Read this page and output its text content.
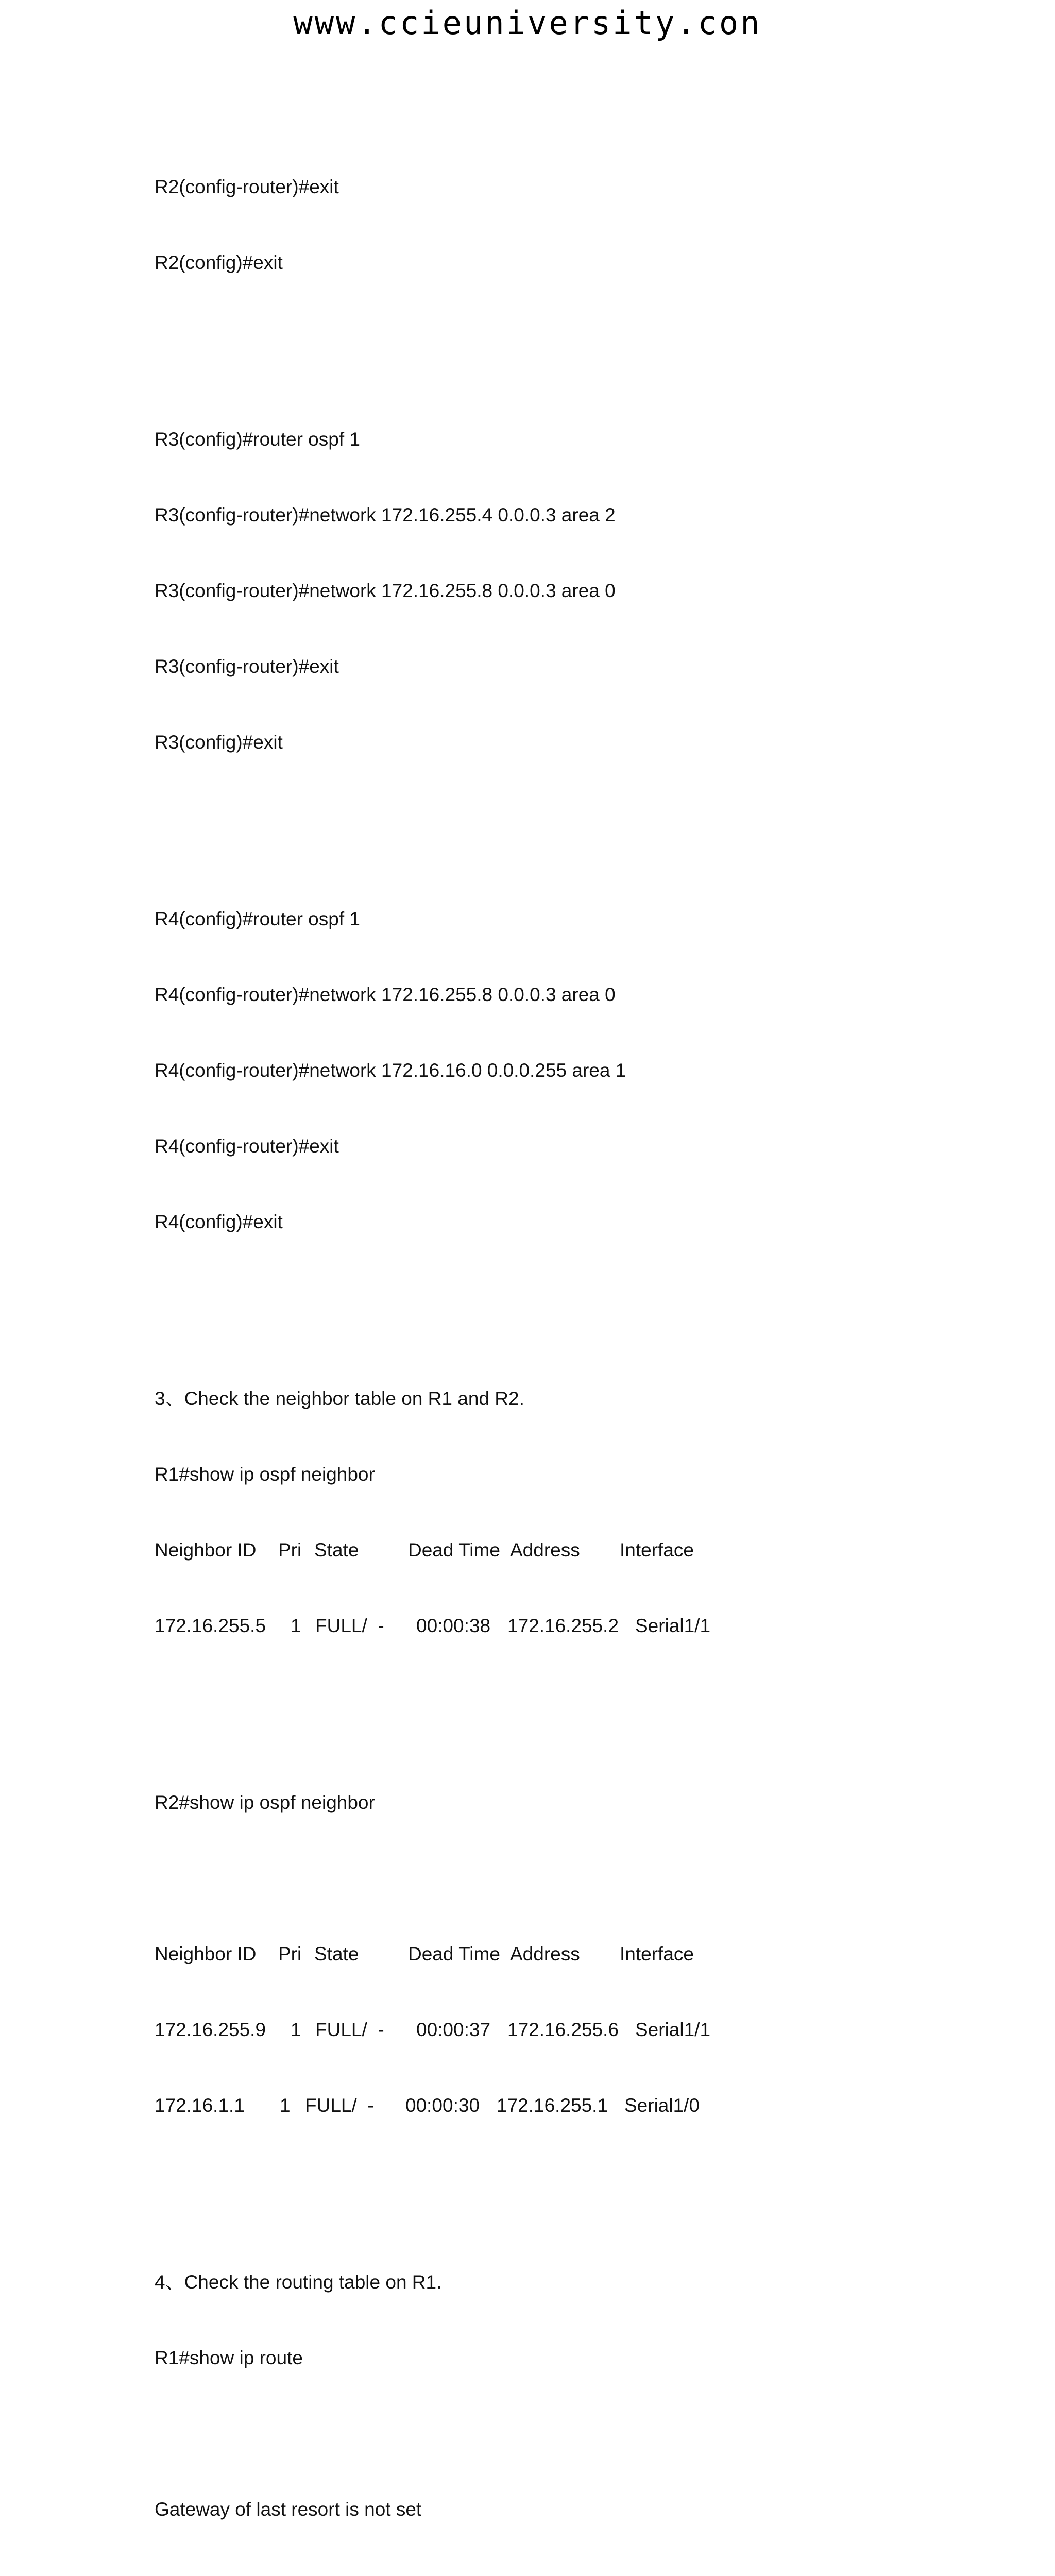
www.ccieuniversity.con

R2(config-router)#exit

R2(config)#exit

R3(config)#router ospf 1

R3(config-router)#network 172.16.255.4 0.0.0.3 area 2

R3(config-router)#network 172.16.255.8 0.0.0.3 area 0

R3(config-router)#exit

R3(config)#exit

R4(config)#router ospf 1

R4(config-router)#network 172.16.255.8 0.0.0.3 area 0

R4(config-router)#network 172.16.16.0 0.0.0.255 area 1

R4(config-router)#exit

R4(config)#exit

3、Check the neighbor table on R1 and R2.

R1#show ip ospf neighbor

Neighbor ID

Pri

State

	Dead Time

Address

Interface

172.16.255.5

1

FULL/  -

00:00:38

172.16.255.2

Serial1/1

R2#show ip ospf neighbor

Neighbor ID

Pri

State

	Dead Time

Address

Interface

172.16.255.9

1

FULL/  -

00:00:37

172.16.255.6

Serial1/1

172.16.1.1

1

FULL/  -

00:00:30

172.16.255.1

Serial1/0

4、Check the routing table on R1.

R1#show ip route

Gateway of last resort is not set
